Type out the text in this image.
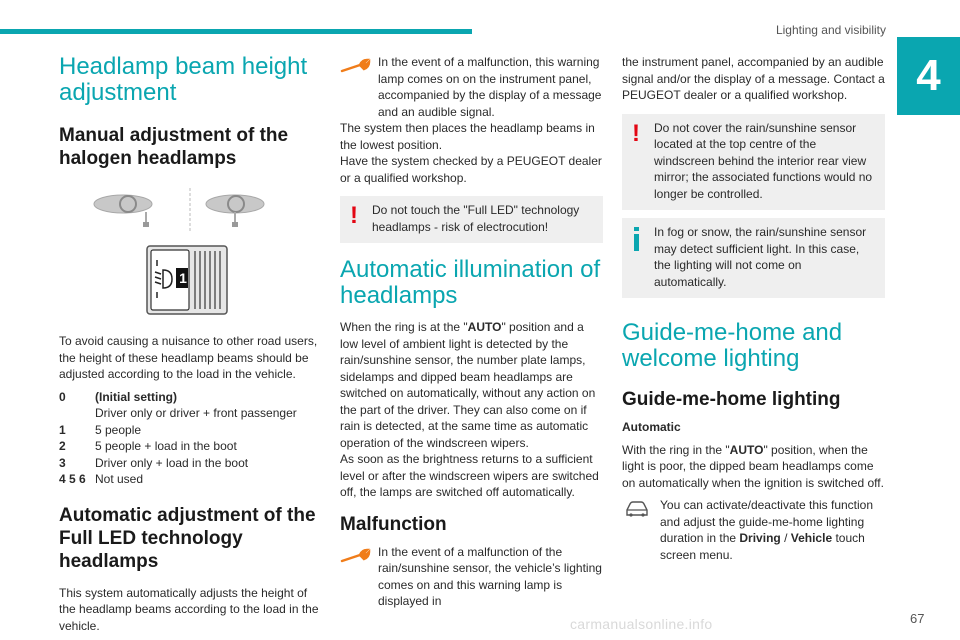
Lighting and visibility
4
Headlamp beam height adjustment
Manual adjustment of the halogen headlamps
1
To avoid causing a nuisance to other road users, the height of these headlamp beams should be adjusted according to the load in the vehicle.
0	(Initial setting)
Driver only or driver + front passenger
1	5 people
2	5 people + load in the boot
3	Driver only + load in the boot
4 5 6 Not used
Automatic adjustment of the Full LED technology headlamps
This system automatically adjusts the height of the headlamp beams according to the load in the vehicle.
In the event of a malfunction, this warning lamp comes on on the instrument panel, accompanied by the display of a message and an audible signal.
The system then places the headlamp beams in the lowest position.
Have the system checked by a PEUGEOT dealer or a qualified workshop.
!	Do not touch the "Full LED" technology headlamps - risk of electrocution!
Automatic illumination of headlamps
When the ring is at the "AUTO" position and a low level of ambient light is detected by the rain/sunshine sensor, the number plate lamps, sidelamps and dipped beam headlamps are switched on automatically, without any action on the part of the driver. They can also come on if rain is detected, at the same time as automatic operation of the windscreen wipers.
As soon as the brightness returns to a sufficient level or after the windscreen wipers are switched off, the lamps are switched off automatically.
Malfunction
In the event of a malfunction of the rain/sunshine sensor, the vehicle’s lighting comes on and this warning lamp is displayed in
the instrument panel, accompanied by an audible signal and/or the display of a message. Contact a PEUGEOT dealer or a qualified workshop.
!	Do not cover the rain/sunshine sensor located at the top centre of the windscreen behind the interior rear view mirror; the associated functions would no longer be controlled.
In fog or snow, the rain/sunshine sensor may detect sufficient light. In this case, the lighting will not come on automatically.
Guide-me-home and welcome lighting
Guide-me-home lighting
Automatic
With the ring in the "AUTO" position, when the light is poor, the dipped beam headlamps come on automatically when the ignition is switched off.
You can activate/deactivate this function and adjust the guide-me-home lighting duration in the Driving / Vehicle touch screen menu.
carmanualsonline.info	67
